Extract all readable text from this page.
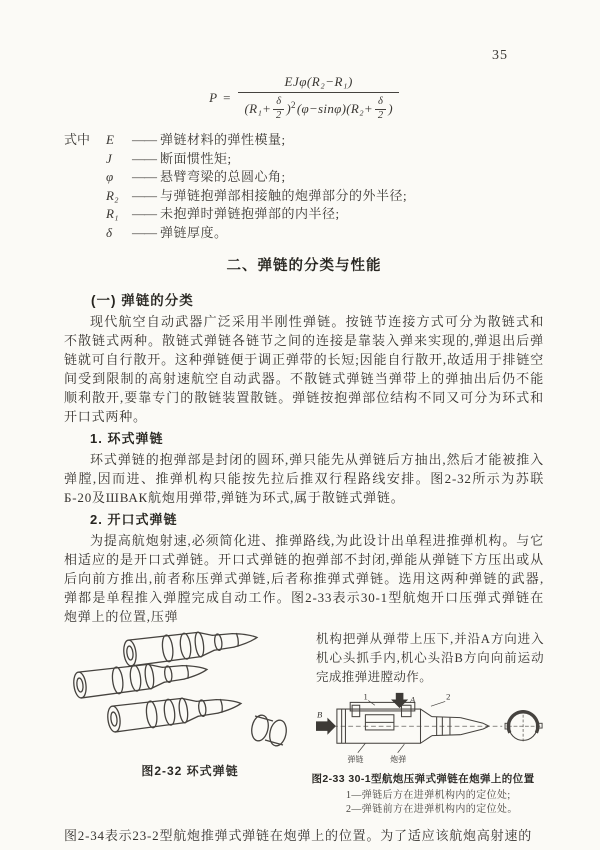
35
P =
EJφ(R₂−R₁)
$(R_1+ \frac{\delta}{2} )^2$ $(\varphi-\sin\varphi)(R_2+ \frac{\delta}{2}$ )
式中	E	—— 弹链材料的弹性模量;
J	—— 断面惯性矩;
φ	—— 悬臂弯梁的总圆心角;
R₂	—— 与弹链抱弹部相接触的炮弹部分的外半径;
R₁	—— 未抱弹时弹链抱弹部的内半径;
δ	—— 弹链厚度。
二、弹链的分类与性能
(一) 弹链的分类

现代航空自动武器广泛采用半刚性弹链。按链节连接方式可分为散链式和不散链式两种。散链式弹链各链节之间的连接是靠装入弹来实现的,弹退出后弹链就可自行散开。这种弹链便于调正弹带的长短;因能自行散开,故适用于排链空间受到限制的高射速航空自动武器。不散链式弹链当弹带上的弹抽出后仍不能顺利散开,要靠专门的散链装置散链。弹链按抱弹部位结构不同又可分为环式和开口式两种。

1. 环式弹链

环式弹链的抱弹部是封闭的圆环,弹只能先从弹链后方抽出,然后才能被推入弹膛,因而进、推弹机构只能按先拉后推双行程路线安排。图2-32所示为苏联Б-20及ШВАК航炮用弹带,弹链为环式,属于散链式弹链。

2. 开口式弹链

为提高航炮射速,必须简化进、推弹路线,为此设计出单程进推弹机构。与它相适应的是开口式弹链。开口式弹链的抱弹部不封闭,弹能从弹链下方压出或从后向前方推出,前者称压弹式弹链,后者称推弹式弹链。选用这两种弹链的武器,弹都是单程推入弹膛完成自动工作。图2-33表示30-1型航炮开口压弹式弹链在炮弹上的位置,压弹

图2-32 环式弹链

机构把弹从弹带上压下,并沿A方向进入机心头抓手内,机心头沿B方向向前运动完成推弹进膛动作。

A
B
1	2
弹链	炮弹
图2-33 30-1型航炮压弹式弹链在炮弹上的位置
1—弹链后方在进弹机构内的定位处;
2—弹链前方在进弹机构内的定位处。

图2-34表示23-2型航炮推弹式弹链在炮弹上的位置。为了适应该航炮高射速的
